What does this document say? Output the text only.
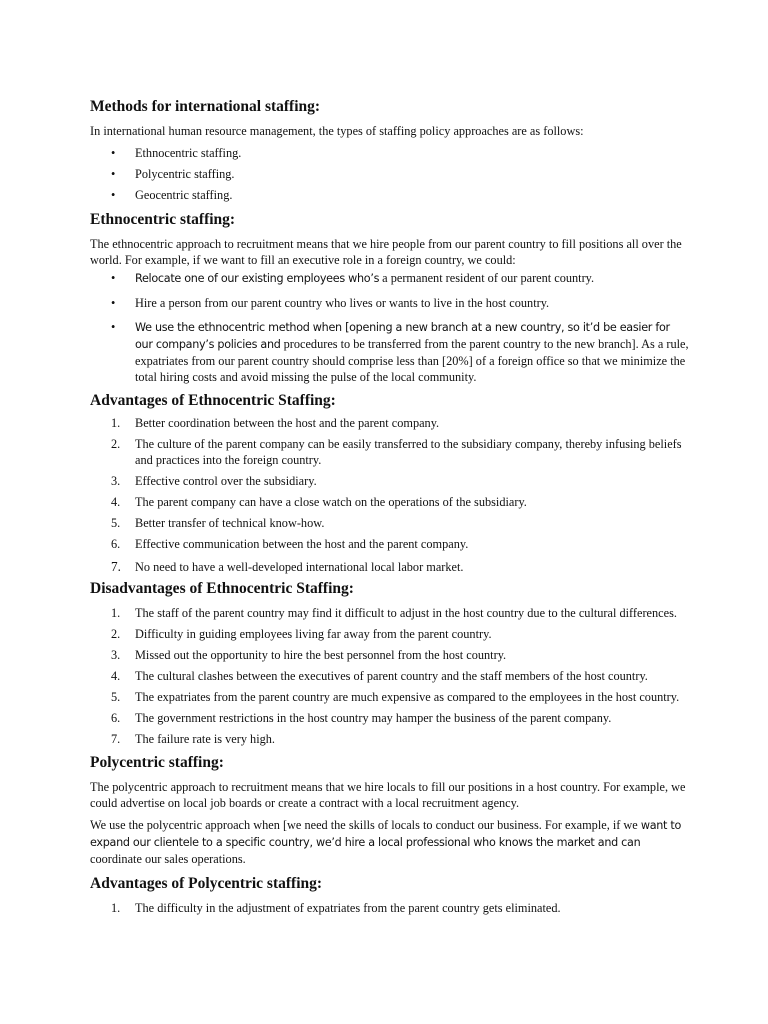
Methods for international staffing:

In international human resource management, the types of staffing policy approaches are as follows:

• Ethnocentric staffing.
• Polycentric staffing.
• Geocentric staffing.
Ethnocentric staffing:

The ethnocentric approach to recruitment means that we hire people from our parent country to fill positions all over the world. For example, if we want to fill an executive role in a foreign country, we could:

• Relocate one of our existing employees who’s a permanent resident of our parent country.
• Hire a person from our parent country who lives or wants to live in the host country.
• We use the ethnocentric method when [opening a new branch at a new country, so it’d be easier for our company’s policies and procedures to be transferred from the parent country to the new branch]. As a rule, expatriates from our parent country should comprise less than [20%] of a foreign office so that we minimize the total hiring costs and avoid missing the pulse of the local community.
Advantages of Ethnocentric Staffing:
1. Better coordination between the host and the parent company.
2. The culture of the parent company can be easily transferred to the subsidiary company, thereby infusing beliefs and practices into the foreign country.
3. Effective control over the subsidiary.
4. The parent company can have a close watch on the operations of the subsidiary.
5. Better transfer of technical know-how.
6. Effective communication between the host and the parent company.
7. No need to have a well-developed international local labor market.
Disadvantages of Ethnocentric Staffing:
1. The staff of the parent country may find it difficult to adjust in the host country due to the cultural differences.
2. Difficulty in guiding employees living far away from the parent country.
3. Missed out the opportunity to hire the best personnel from the host country.
4. The cultural clashes between the executives of parent country and the staff members of the host country.
5. The expatriates from the parent country are much expensive as compared to the employees in the host country.
6. The government restrictions in the host country may hamper the business of the parent company.
7. The failure rate is very high.
Polycentric staffing:

The polycentric approach to recruitment means that we hire locals to fill our positions in a host country. For example, we could advertise on local job boards or create a contract with a local recruitment agency.

We use the polycentric approach when [we need the skills of locals to conduct our business. For example, if we want to expand our clientele to a specific country, we’d hire a local professional who knows the market and can coordinate our sales operations.

Advantages of Polycentric staffing:
1. The difficulty in the adjustment of expatriates from the parent country gets eliminated.
